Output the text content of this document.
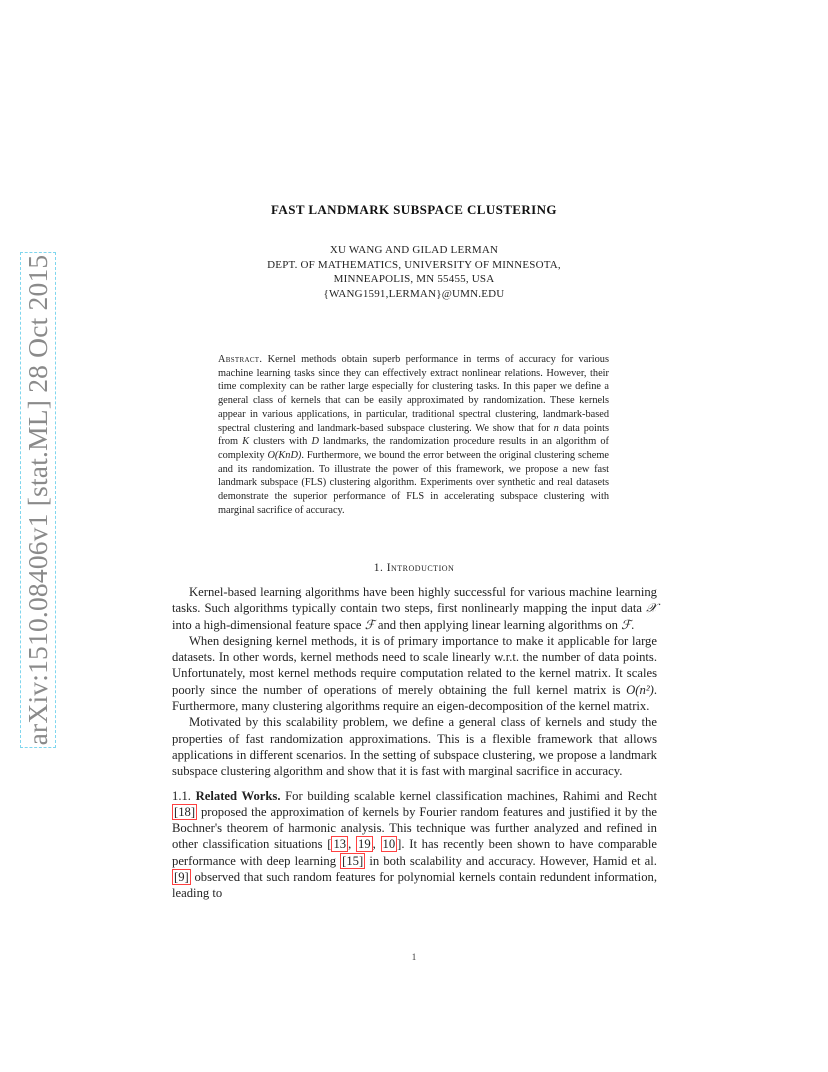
arXiv:1510.08406v1 [stat.ML] 28 Oct 2015
FAST LANDMARK SUBSPACE CLUSTERING
XU WANG AND GILAD LERMAN
DEPT. OF MATHEMATICS, UNIVERSITY OF MINNESOTA,
MINNEAPOLIS, MN 55455, USA
{WANG1591,LERMAN}@UMN.EDU

Abstract. Kernel methods obtain superb performance in terms of accuracy for various machine learning tasks since they can effectively extract nonlinear relations. However, their time complexity can be rather large especially for clustering tasks. In this paper we define a general class of kernels that can be easily approximated by randomization. These kernels appear in various applications, in particular, traditional spectral clustering, landmark-based spectral clustering and landmark-based subspace clustering. We show that for n data points from K clusters with D landmarks, the randomization procedure results in an algorithm of complexity O(KnD). Furthermore, we bound the error between the original clustering scheme and its randomization. To illustrate the power of this framework, we propose a new fast landmark subspace (FLS) clustering algorithm. Experiments over synthetic and real datasets demonstrate the superior performance of FLS in accelerating subspace clustering with marginal sacrifice of accuracy.

1. Introduction

Kernel-based learning algorithms have been highly successful for various machine learning tasks. Such algorithms typically contain two steps, first nonlinearly mapping the input data 𝒳 into a high-dimensional feature space ℱ and then applying linear learning algorithms on ℱ.

When designing kernel methods, it is of primary importance to make it applicable for large datasets. In other words, kernel methods need to scale linearly w.r.t. the number of data points. Unfortunately, most kernel methods require computation related to the kernel matrix. It scales poorly since the number of operations of merely obtaining the full kernel matrix is O(n²). Furthermore, many clustering algorithms require an eigen-decomposition of the kernel matrix.

Motivated by this scalability problem, we define a general class of kernels and study the properties of fast randomization approximations. This is a flexible framework that allows applications in different scenarios. In the setting of subspace clustering, we propose a landmark subspace clustering algorithm and show that it is fast with marginal sacrifice in accuracy.

1.1. Related Works. For building scalable kernel classification machines, Rahimi and Recht [18] proposed the approximation of kernels by Fourier random features and justified it by the Bochner's theorem of harmonic analysis. This technique was further analyzed and refined in other classification situations [ 13 , 19 , 10 ]. It has recently been shown to have comparable performance with deep learning [15] in both scalability and accuracy. However, Hamid et al. [9] observed that such random features for polynomial kernels contain redundent information, leading to

1
